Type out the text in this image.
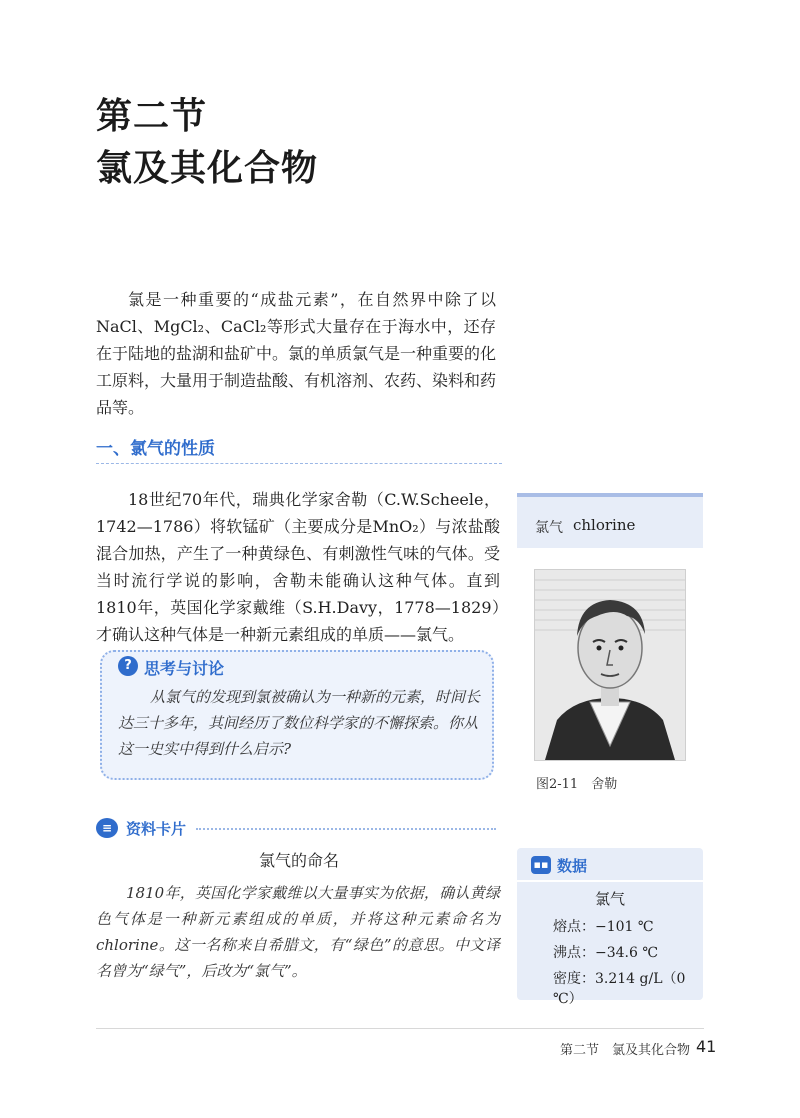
第二节
氯及其化合物
氯是一种重要的“成盐元素”，在自然界中除了以NaCl、MgCl₂、CaCl₂等形式大量存在于海水中，还存在于陆地的盐湖和盐矿中。氯的单质氯气是一种重要的化工原料，大量用于制造盐酸、有机溶剂、农药、染料和药品等。
一、氯气的性质
18世纪70年代，瑞典化学家舍勒（C.W.Scheele，1742—1786）将软锰矿（主要成分是MnO₂）与浓盐酸混合加热，产生了一种黄绿色、有刺激性气味的气体。受当时流行学说的影响，舍勒未能确认这种气体。直到1810年，英国化学家戴维（S.H.Davy，1778—1829）才确认这种气体是一种新元素组成的单质——氯气。
氯气 chlorine
图2-11　舍勒
? 思考与讨论
从氯气的发现到氯被确认为一种新的元素，时间长达三十多年，其间经历了数位科学家的不懈探索。你从这一史实中得到什么启示?
≡ 资料卡片
氯气的命名
1810年，英国化学家戴维以大量事实为依据，确认黄绿色气体是一种新元素组成的单质，并将这种元素命名为chlorine。这一名称来自希腊文，有“绿色”的意思。中文译名曾为“绿气”，后改为“氯气”。
▪▪ 数据
氯气
熔点：−101 ℃
沸点：−34.6 ℃
密度：3.214 g/L（0 ℃）
第二节　氯及其化合物 41
